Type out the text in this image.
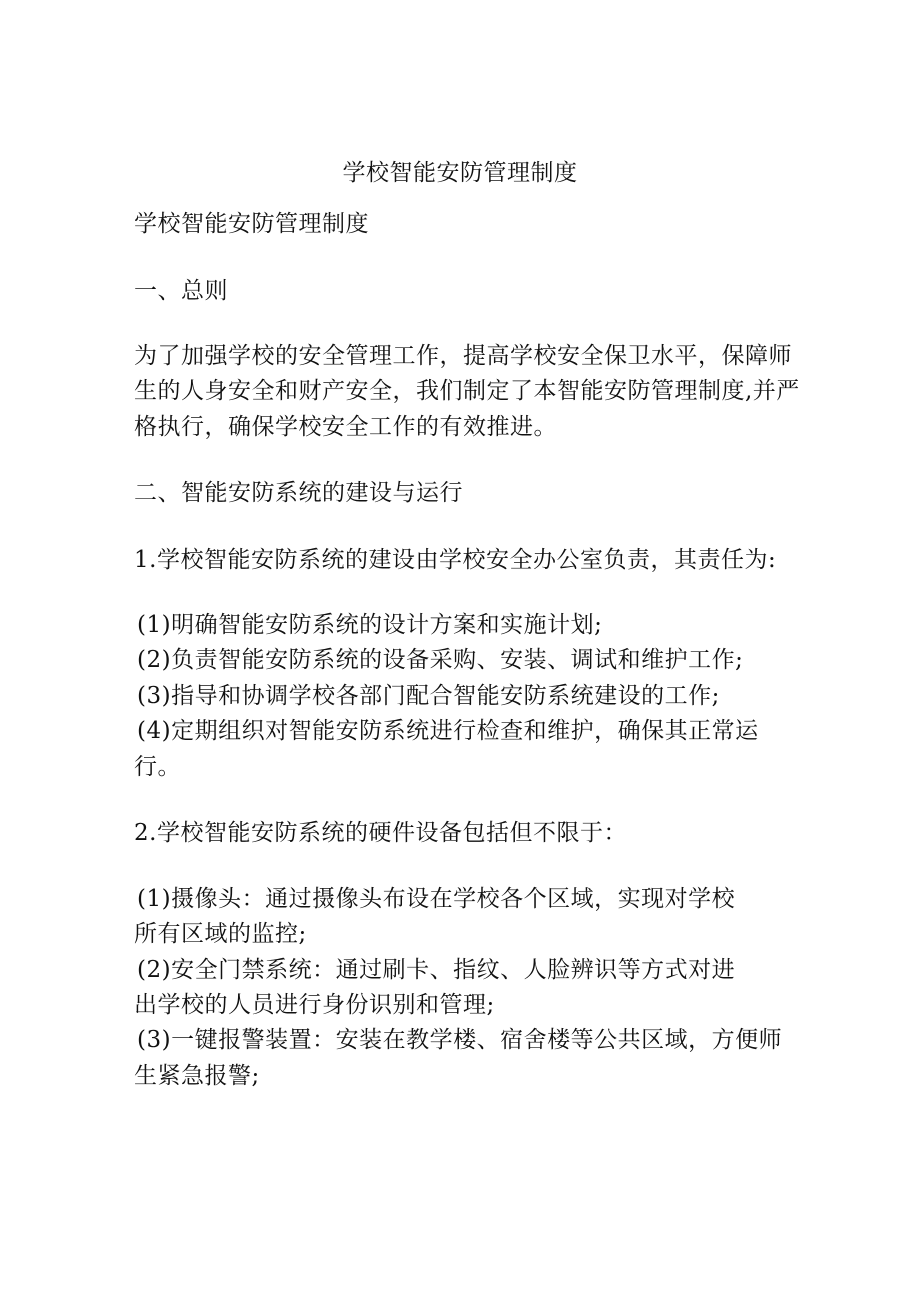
学校智能安防管理制度
学校智能安防管理制度
一、总则
为了加强学校的安全管理工作，提高学校安全保卫水平，保障师
生的人身安全和财产安全，我们制定了本智能安防管理制度,并严
格执行，确保学校安全工作的有效推进。
二、智能安防系统的建设与运行
1.学校智能安防系统的建设由学校安全办公室负责，其责任为:
(1)明确智能安防系统的设计方案和实施计划;
(2)负责智能安防系统的设备采购、安装、调试和维护工作;
(3)指导和协调学校各部门配合智能安防系统建设的工作;
(4)定期组织对智能安防系统进行检查和维护，确保其正常运
行。
2.学校智能安防系统的硬件设备包括但不限于：
(1)摄像头：通过摄像头布设在学校各个区域，实现对学校
所有区域的监控;
(2)安全门禁系统：通过刷卡、指纹、人脸辨识等方式对进
出学校的人员进行身份识别和管理;
(3)一键报警装置：安装在教学楼、宿舍楼等公共区域，方便师
生紧急报警;
